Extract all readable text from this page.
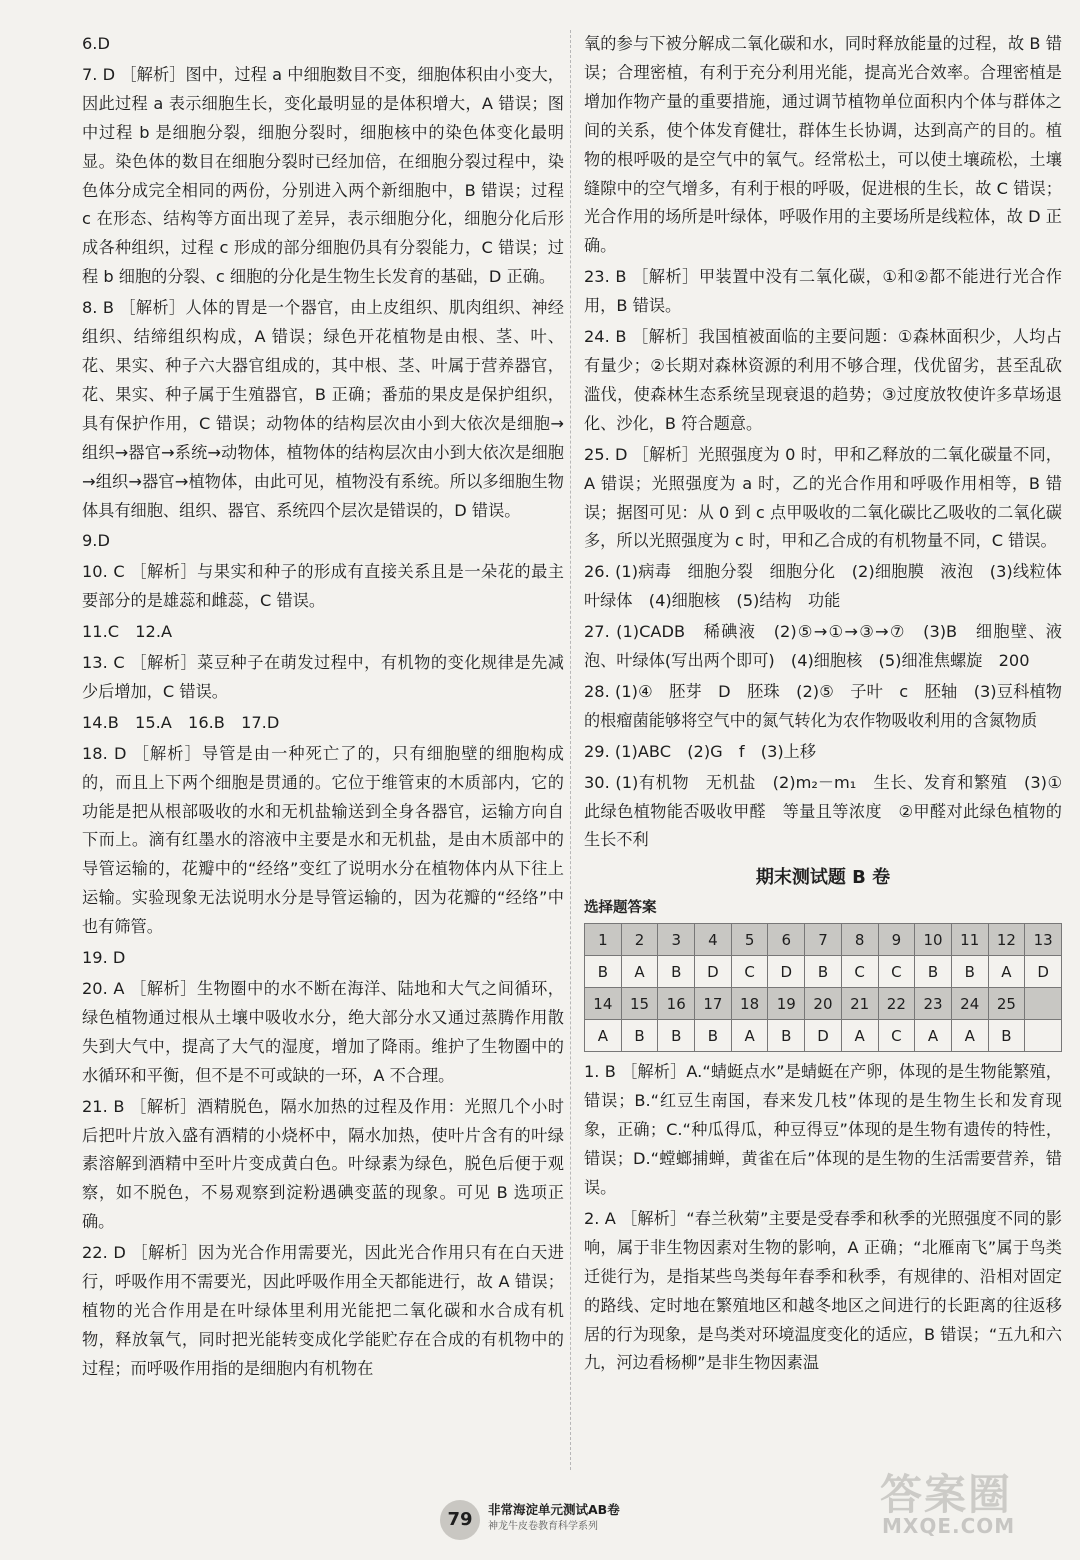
6.D

7. D ［解析］图中，过程 a 中细胞数目不变，细胞体积由小变大，因此过程 a 表示细胞生长，变化最明显的是体积增大，A 错误；图中过程 b 是细胞分裂，细胞分裂时，细胞核中的染色体变化最明显。染色体的数目在细胞分裂时已经加倍，在细胞分裂过程中，染色体分成完全相同的两份，分别进入两个新细胞中，B 错误；过程 c 在形态、结构等方面出现了差异，表示细胞分化，细胞分化后形成各种组织，过程 c 形成的部分细胞仍具有分裂能力，C 错误；过程 b 细胞的分裂、c 细胞的分化是生物生长发育的基础，D 正确。

8. B ［解析］人体的胃是一个器官，由上皮组织、肌肉组织、神经组织、结缔组织构成，A 错误；绿色开花植物是由根、茎、叶、花、果实、种子六大器官组成的，其中根、茎、叶属于营养器官，花、果实、种子属于生殖器官，B 正确；番茄的果皮是保护组织，具有保护作用，C 错误；动物体的结构层次由小到大依次是细胞→组织→器官→系统→动物体，植物体的结构层次由小到大依次是细胞→组织→器官→植物体，由此可见，植物没有系统。所以多细胞生物体具有细胞、组织、器官、系统四个层次是错误的，D 错误。

9.D

10. C ［解析］与果实和种子的形成有直接关系且是一朵花的最主要部分的是雄蕊和雌蕊，C 错误。

11.C　12.A

13. C ［解析］菜豆种子在萌发过程中，有机物的变化规律是先减少后增加，C 错误。

14.B　15.A　16.B　17.D

18. D ［解析］导管是由一种死亡了的，只有细胞壁的细胞构成的，而且上下两个细胞是贯通的。它位于维管束的木质部内，它的功能是把从根部吸收的水和无机盐输送到全身各器官，运输方向自下而上。滴有红墨水的溶液中主要是水和无机盐，是由木质部中的导管运输的，花瓣中的“经络”变红了说明水分在植物体内从下往上运输。实验现象无法说明水分是导管运输的，因为花瓣的“经络”中也有筛管。

19. D

20. A ［解析］生物圈中的水不断在海洋、陆地和大气之间循环，绿色植物通过根从土壤中吸收水分，绝大部分水又通过蒸腾作用散失到大气中，提高了大气的湿度，增加了降雨。维护了生物圈中的水循环和平衡，但不是不可或缺的一环，A 不合理。

21. B ［解析］酒精脱色，隔水加热的过程及作用：光照几个小时后把叶片放入盛有酒精的小烧杯中，隔水加热，使叶片含有的叶绿素溶解到酒精中至叶片变成黄白色。叶绿素为绿色，脱色后便于观察，如不脱色，不易观察到淀粉遇碘变蓝的现象。可见 B 选项正确。

22. D ［解析］因为光合作用需要光，因此光合作用只有在白天进行，呼吸作用不需要光，因此呼吸作用全天都能进行，故 A 错误；植物的光合作用是在叶绿体里利用光能把二氧化碳和水合成有机物，释放氧气，同时把光能转变成化学能贮存在合成的有机物中的过程；而呼吸作用指的是细胞内有机物在

氧的参与下被分解成二氧化碳和水，同时释放能量的过程，故 B 错误；合理密植，有利于充分利用光能，提高光合效率。合理密植是增加作物产量的重要措施，通过调节植物单位面积内个体与群体之间的关系，使个体发育健壮，群体生长协调，达到高产的目的。植物的根呼吸的是空气中的氧气。经常松土，可以使土壤疏松，土壤缝隙中的空气增多，有利于根的呼吸，促进根的生长，故 C 错误；光合作用的场所是叶绿体，呼吸作用的主要场所是线粒体，故 D 正确。

23. B ［解析］甲装置中没有二氧化碳，①和②都不能进行光合作用，B 错误。

24. B ［解析］我国植被面临的主要问题：①森林面积少，人均占有量少；②长期对森林资源的利用不够合理，伐优留劣，甚至乱砍滥伐，使森林生态系统呈现衰退的趋势；③过度放牧使许多草场退化、沙化，B 符合题意。

25. D ［解析］光照强度为 0 时，甲和乙释放的二氧化碳量不同，A 错误；光照强度为 a 时，乙的光合作用和呼吸作用相等，B 错误；据图可见：从 0 到 c 点甲吸收的二氧化碳比乙吸收的二氧化碳多，所以光照强度为 c 时，甲和乙合成的有机物量不同，C 错误。

26. (1)病毒　细胞分裂　细胞分化　(2)细胞膜　液泡　(3)线粒体　叶绿体　(4)细胞核　(5)结构　功能

27. (1)CADB　稀碘液　(2)⑤→①→③→⑦　(3)B　细胞壁、液泡、叶绿体(写出两个即可)　(4)细胞核　(5)细准焦螺旋　200

28. (1)④　胚芽　D　胚珠　(2)⑤　子叶　c　胚轴　(3)豆科植物的根瘤菌能够将空气中的氮气转化为农作物吸收利用的含氮物质

29. (1)ABC　(2)G　f　(3)上移

30. (1)有机物　无机盐　(2)m₂－m₁　生长、发育和繁殖　(3)①此绿色植物能否吸收甲醛　等量且等浓度　②甲醛对此绿色植物的生长不利

期末测试题 B 卷
选择题答案
1	2	3	4	5	6	7	8	9	10	11	12	13
B	A	B	D	C	D	B	C	C	B	B	A	D
14	15	16	17	18	19	20	21	22	23	24	25	
A	B	B	B	A	B	D	A	C	A	A	B	

1. B ［解析］A.“蜻蜓点水”是蜻蜓在产卵，体现的是生物能繁殖，错误；B.“红豆生南国，春来发几枝”体现的是生物生长和发育现象，正确；C.“种瓜得瓜，种豆得豆”体现的是生物有遗传的特性，错误；D.“螳螂捕蝉，黄雀在后”体现的是生物的生活需要营养，错误。

2. A ［解析］“春兰秋菊”主要是受春季和秋季的光照强度不同的影响，属于非生物因素对生物的影响，A 正确；“北雁南飞”属于鸟类迁徙行为，是指某些鸟类每年春季和秋季，有规律的、沿相对固定的路线、定时地在繁殖地区和越冬地区之间进行的长距离的往返移居的行为现象，是鸟类对环境温度变化的适应，B 错误；“五九和六九，河边看杨柳”是非生物因素温

79	非常海淀单元测试AB卷
神龙牛皮卷教育科学系列
答案圈
MXQE.COM
